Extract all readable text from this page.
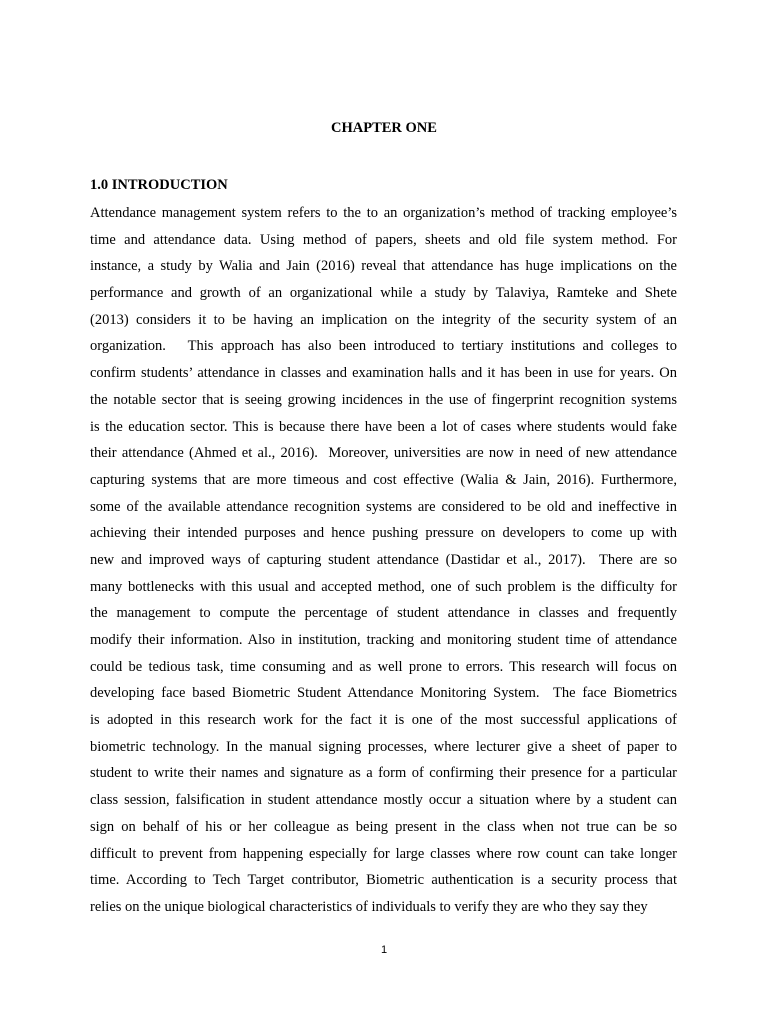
CHAPTER ONE
1.0 INTRODUCTION
Attendance management system refers to the to an organization’s method of tracking employee’s
time and attendance data. Using method of papers, sheets and old file system method. For
instance, a study by Walia and Jain (2016) reveal that attendance has huge implications on the
performance and growth of an organizational while a study by Talaviya, Ramteke and Shete
(2013) considers it to be having an implication on the integrity of the security system of an
organization.   This approach has also been introduced to tertiary institutions and colleges to
confirm students’ attendance in classes and examination halls and it has been in use for years. On
the notable sector that is seeing growing incidences in the use of fingerprint recognition systems
is the education sector. This is because there have been a lot of cases where students would fake
their attendance (Ahmed et al., 2016).  Moreover, universities are now in need of new attendance
capturing systems that are more timeous and cost effective (Walia & Jain, 2016). Furthermore,
some of the available attendance recognition systems are considered to be old and ineffective in
achieving their intended purposes and hence pushing pressure on developers to come up with
new and improved ways of capturing student attendance (Dastidar et al., 2017).  There are so
many bottlenecks with this usual and accepted method, one of such problem is the difficulty for
the management to compute the percentage of student attendance in classes and frequently
modify their information. Also in institution, tracking and monitoring student time of attendance
could be tedious task, time consuming and as well prone to errors. This research will focus on
developing face based Biometric Student Attendance Monitoring System.  The face Biometrics
is adopted in this research work for the fact it is one of the most successful applications of
biometric technology. In the manual signing processes, where lecturer give a sheet of paper to
student to write their names and signature as a form of confirming their presence for a particular
class session, falsification in student attendance mostly occur a situation where by a student can
sign on behalf of his or her colleague as being present in the class when not true can be so
difficult to prevent from happening especially for large classes where row count can take longer
time. According to Tech Target contributor, Biometric authentication is a security process that
relies on the unique biological characteristics of individuals to verify they are who they say they
1
